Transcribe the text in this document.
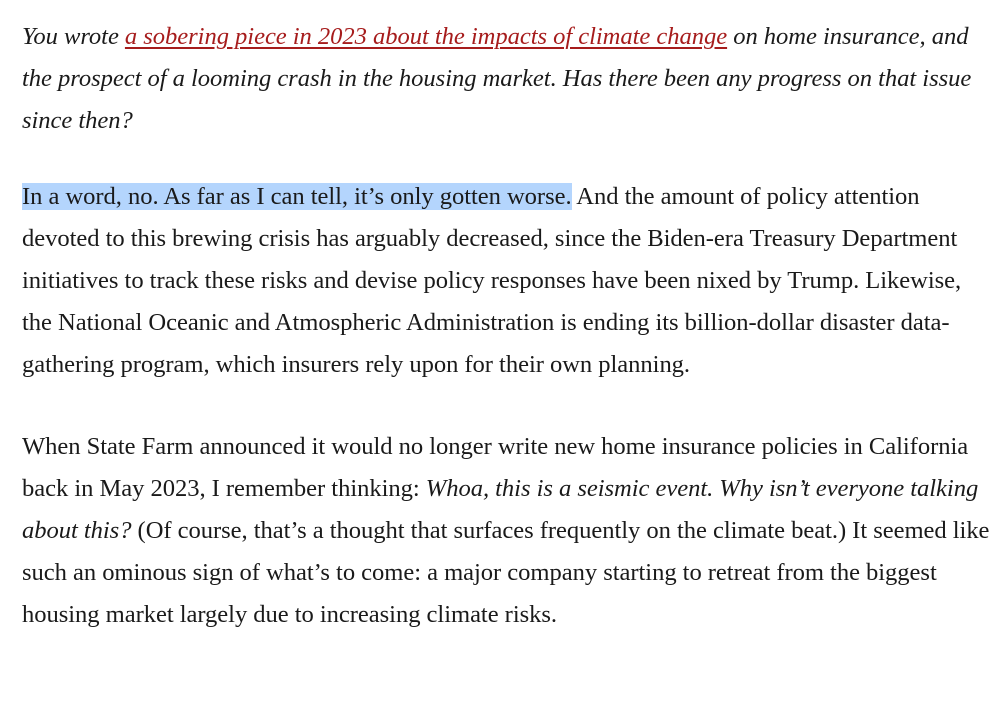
You wrote a sobering piece in 2023 about the impacts of climate change on home insurance, and the prospect of a looming crash in the housing market. Has there been any progress on that issue since then?

In a word, no. As far as I can tell, it’s only gotten worse. And the amount of policy attention devoted to this brewing crisis has arguably decreased, since the Biden-era Treasury Department initiatives to track these risks and devise policy responses have been nixed by Trump. Likewise, the National Oceanic and Atmospheric Administration is ending its billion-dollar disaster data-gathering program, which insurers rely upon for their own planning.

When State Farm announced it would no longer write new home insurance policies in California back in May 2023, I remember thinking: Whoa, this is a seismic event. Why isn’t everyone talking about this? (Of course, that’s a thought that surfaces frequently on the climate beat.) It seemed like such an ominous sign of what’s to come: a major company starting to retreat from the biggest housing market largely due to increasing climate risks.
